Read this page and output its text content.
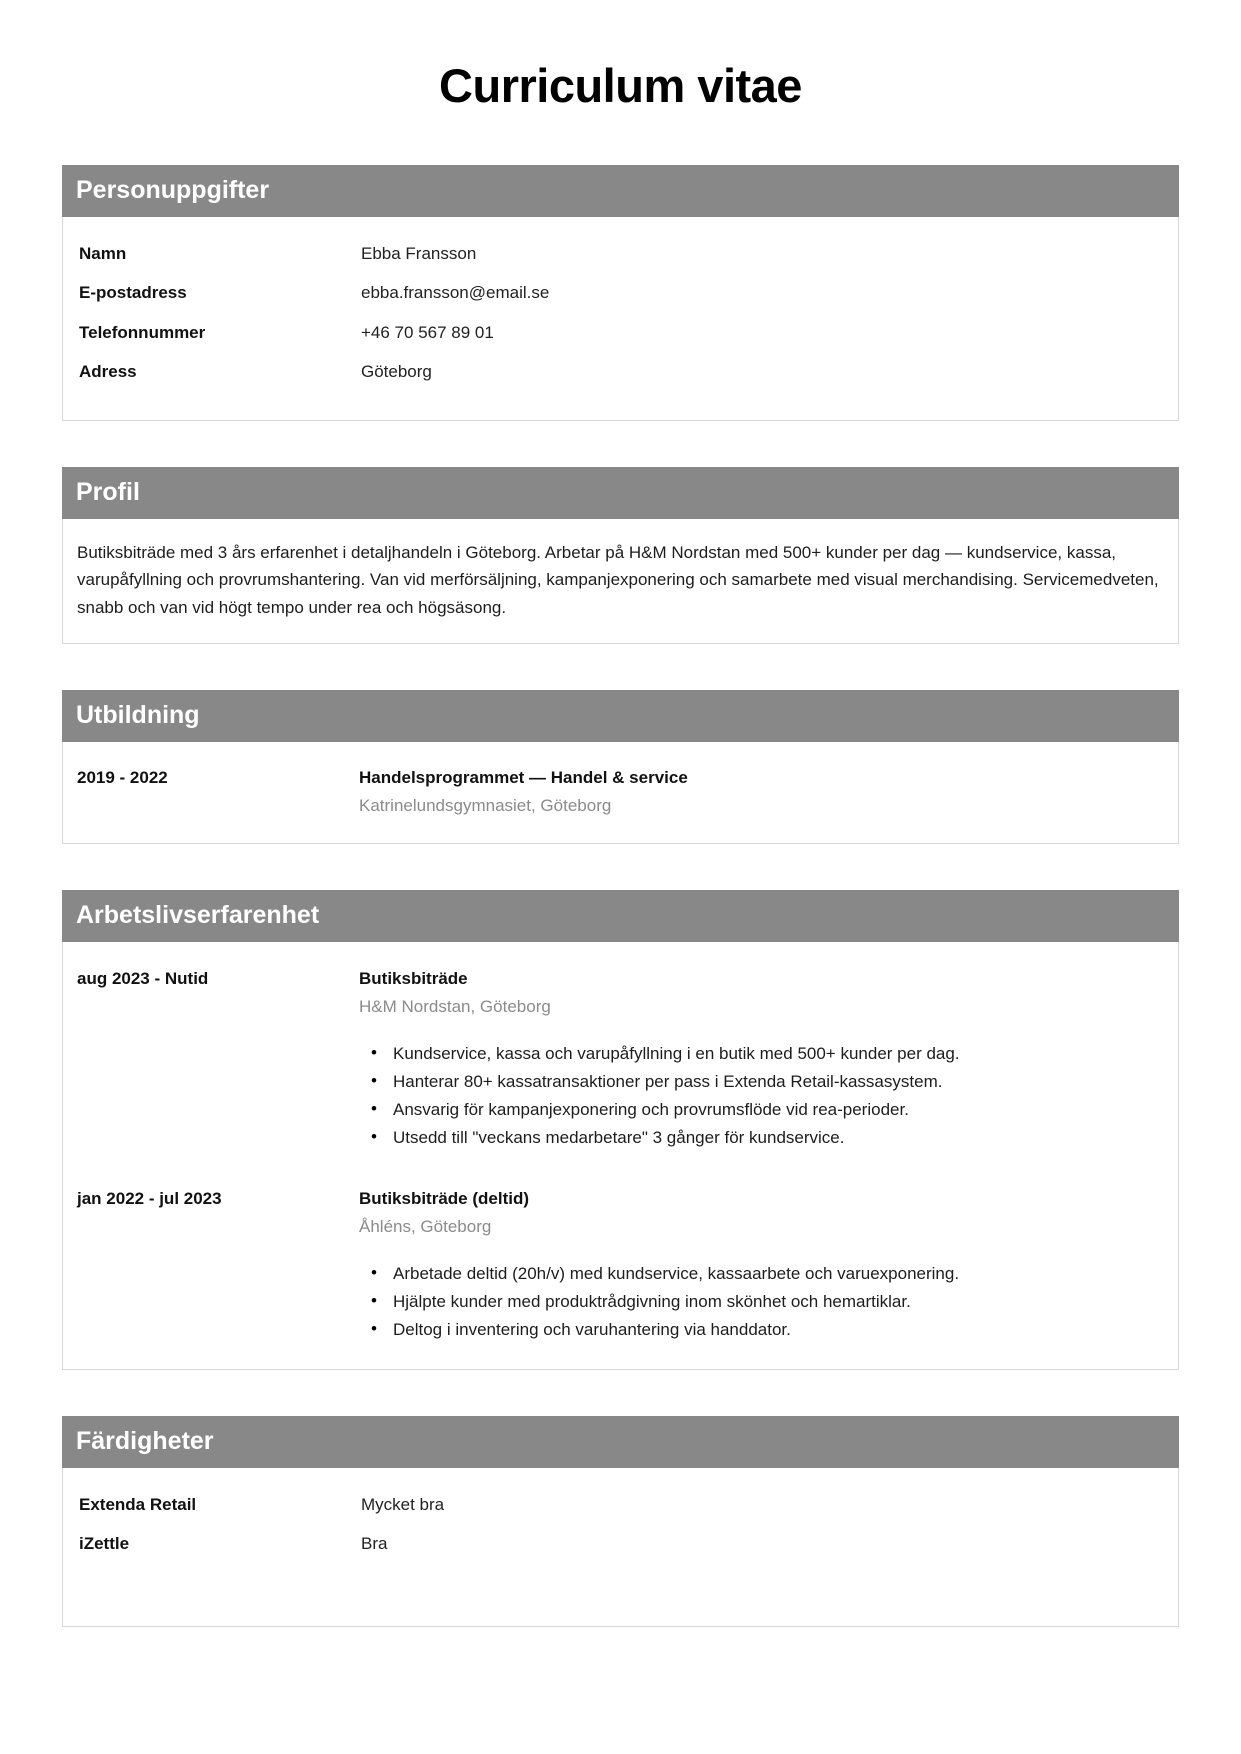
Curriculum vitae
Personuppgifter
Namn	Ebba Fransson
E-postadress	ebba.fransson@email.se
Telefonnummer	+46 70 567 89 01
Adress	Göteborg
Profil

Butiksbiträde med 3 års erfarenhet i detaljhandeln i Göteborg. Arbetar på H&M Nordstan med 500+ kunder per dag — kundservice, kassa, varupåfyllning och provrumshantering. Van vid merförsäljning, kampanjexponering och samarbete med visual merchandising. Servicemedveten, snabb och van vid högt tempo under rea och högsäsong.

Utbildning
2019 - 2022	Handelsprogrammet — Handel & service
Katrinelundsgymnasiet, Göteborg
Arbetslivserfarenhet
aug 2023 - Nutid	Butiksbiträde
H&M Nordstan, Göteborg
• Kundservice, kassa och varupåfyllning i en butik med 500+ kunder per dag.
• Hanterar 80+ kassatransaktioner per pass i Extenda Retail-kassasystem.
• Ansvarig för kampanjexponering och provrumsflöde vid rea-perioder.
• Utsedd till "veckans medarbetare" 3 gånger för kundservice.
jan 2022 - jul 2023	Butiksbiträde (deltid)
Åhléns, Göteborg
• Arbetade deltid (20h/v) med kundservice, kassaarbete och varuexponering.
• Hjälpte kunder med produktrådgivning inom skönhet och hemartiklar.
• Deltog i inventering och varuhantering via handdator.
Färdigheter
Extenda Retail	Mycket bra
iZettle	Bra
